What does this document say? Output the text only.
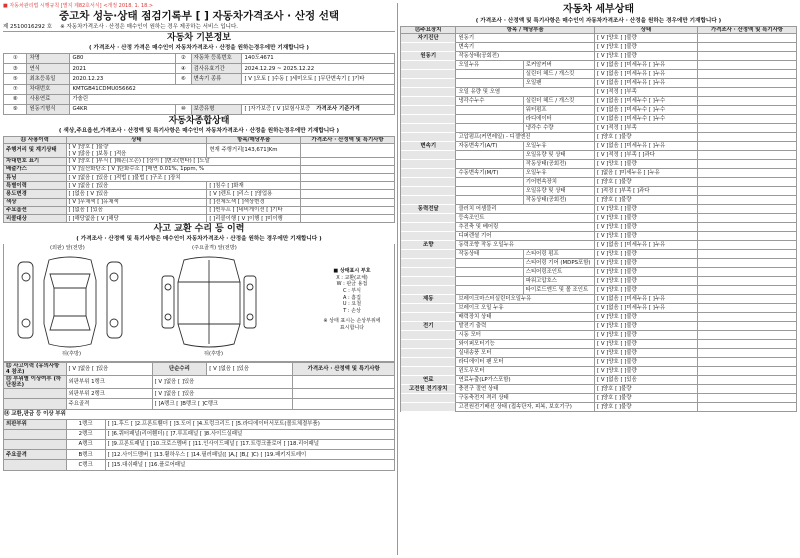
■ 자동차관리법 시행규칙 [별지 제82호서식] <개정 2018. 1. 18.>
중고차 성능·상태 점검기록부 [ ] 자동차가격조사 · 산정 선택
제 2510016292 호 ※ 자동차가격조사 · 산정은 매수인이 원하는 경우 제공하는 서비스 입니다.
자동차 기본정보
( 가격조사 · 산정 가격은 매수인이 자동차가격조사 · 산정을 원하는경우에만 기재합니다 )
①	차명	G80	②	자동차 등록번호	140도4671
③	연식	2021	④	검사유효기간	2024.12.29 ~ 2025.12.22
⑤	최초등록일	2020.12.23	⑥	변속기 종류	[ V ]오토 [ ]수동 [ ]세미오토 [ ]무단변속기 [ ]기타
⑦	차대번호	KMTGB41CDMU056662			
⑧	사용연료	가솔린			
⑨	원동기형식	G4KR	⑩	보증유형	[ ]자가보증 [ V ]보험사보증 가격조사 기준가격
자동차종합상태
( 색상,주요옵션,가격조사 · 산정액 및 특기사항은 매수인이 자동차가격조사 · 산정을 원하는경우에만 기재합니다 )
⑪ 사용이력	상태	항목/해당부품	가격조사 · 산정액 및 특기사항
주행거리 및 계기상태	[ V ]양호 [ ]불량
[ V ]많음 [ ]보통 [ ]적음	현재 주행거리[143,671]Km	
차대번호 표기	[ V ]양호 [ ]부식 [ ]훼손(오손) [ ]상이 [ ]변조(변타) [ ]도말		
배출가스	[ V ]일산화탄소 [ V ]탄화수소 [ ]매연 0.01%, 1ppm, %		
튜닝	[ V ]없음 [ ]있음 [ ]적법 [ ]불법 [ ]구조 [ ]장치		
특별이력	[ V ]없음 [ ]있음	[ ]침수 [ ]화재	
용도변경	[ ]없음 [ V ]있음	[ V ]렌트 [ ]리스 [ ]영업용	
색상	[ V ]무채색 [ ]유채색	[ ]전체도색 [ ]색상변경	
주요옵션	[ ]없음 [ ]있음	[ ]썬루프 [ ]네비게이션 [ ]기타	
리콜대상	[ ]해당없음 [ V ]해당	[ ]리콜이행 [ V ]이행 [ ]미이행	
사고 교환 수리 등 이력
( 가격조사 · 산정액 및 특기사항은 매수인이 자동차가격조사 · 산정을 원하는 경우에만 기재합니다 )
(외판) 앞(전방)	(주요골격) 앞(전방)
뒤(후방)	뒤(후방)
■ 상태표시 부호
X : 교환(교체)
W : 판금 용접
C : 부식
A : 흠집
U : 요철
T : 손상
※ 상태 표시는 손상부위에 표시합니다
⑫ 사고이력 (유의사항 4 참조)	[ V ]없음 [ ]있음	단순수리	[ V ]없음 [ ]있음	가격조사 · 산정액 및 특기사항
⑬ 부위별 이상여부 (하단참조)	외판부위 1랭크	[ V ]없음 [ ]있음		
	외판부위 2랭크	[ V ]없음 [ ]있음		
	주요골격	[ ]A랭크 [ ]B랭크 [ ]C랭크		
⑭ 교환,판금 등 이상 부위
외판부위	1랭크	[ ]1.후드 [ ]2.프론트휀더 [ ]3.도어 [ ]4.트렁크리드 [ ]5.라디에이터서포트(볼트체결부품)
	2랭크	[ ]6.쿼터패널(리어휀더) [ ]7.루프패널 [ ]8.사이드실패널
	A랭크	[ ]9.프론트패널 [ ]10.크로스멤버 [ ]11.인사이드패널 [ ]17.트렁크플로어 [ ]18.리어패널
주요골격	B랭크	[ ]12.사이드멤버 [ ]13.휠하우스 [ ]14.필러패널([ ]A,[ ]B,[ ]C) [ ]19.패키지트레이
	C랭크	[ ]15.대쉬패널 [ ]16.플로어패널
자동차 세부상태
( 가격조사 · 산정액 및 특기사항은 매수인이 자동차가격조사 · 산정을 원하는 경우에만 기재합니다 )
⑮주요장치	항목 / 해당부품		상태	가격조사 · 산정액 및 특기사항
자기진단	원동기		[ V ]양호 [ ]불량	
	변속기		[ V ]양호 [ ]불량	
원동기	작동상태(공회전)		[ V ]양호 [ ]불량	
	오일누유	로커암커버	[ V ]없음 [ ]미세누유 [ ]누유	
		실린더 헤드 / 개스킷	[ V ]없음 [ ]미세누유 [ ]누유	
		오일팬	[ V ]없음 [ ]미세누유 [ ]누유	
	오일 유량 및 오염		[ V ]적정 [ ]부족	
	냉각수누수	실린더 헤드 / 개스킷	[ V ]없음 [ ]미세누수 [ ]누수	
		워터펌프	[ V ]없음 [ ]미세누수 [ ]누수	
		라디에이터	[ V ]없음 [ ]미세누수 [ ]누수	
		냉각수 수량	[ V ]적정 [ ]부족	
	고압펌프(커먼레일) - 디젤엔진		[ ]양호 [ ]불량	
변속기	자동변속기(A/T)	오일누유	[ V ]없음 [ ]미세누유 [ ]누유	
		오일유량 및 상태	[ V ]적정 [ ]부족 [ ]과다	
		작동상태(공회전)	[ V ]양호 [ ]불량	
	수동변속기(M/T)	오일누유	[ ]없음 [ ]미세누유 [ ]누유	
		기어변속장치	[ ]양호 [ ]불량	
		오일유량 및 상태	[ ]적정 [ ]부족 [ ]과다	
		작동상태(공회전)	[ ]양호 [ ]불량	
동력전달	클러치 어셈블리		[ V ]양호 [ ]불량	
	등속조인트		[ V ]양호 [ ]불량	
	추진축 및 베어링		[ V ]양호 [ ]불량	
	디퍼렌셜 기어		[ V ]양호 [ ]불량	
조향	동력조향 작동 오일누유		[ V ]없음 [ ]미세누유 [ ]누유	
	작동상태	스티어링 펌프	[ V ]양호 [ ]불량	
		스티어링 기어 (MDPS포함)	[ V ]양호 [ ]불량	
		스티어링조인트	[ V ]양호 [ ]불량	
		파워고압호스	[ V ]양호 [ ]불량	
		타이로드엔드 및 볼 조인트	[ V ]양호 [ ]불량	
제동	브레이크마스터실린더오일누유		[ V ]없음 [ ]미세누유 [ ]누유	
	브레이크 오일 누유		[ V ]없음 [ ]미세누유 [ ]누유	
	배력장치 상태		[ V ]양호 [ ]불량	
전기	발전기 출력		[ V ]양호 [ ]불량	
	시동 모터		[ V ]양호 [ ]불량	
	와이퍼모터기능		[ V ]양호 [ ]불량	
	실내송풍 모터		[ V ]양호 [ ]불량	
	라디에이터 팬 모터		[ V ]양호 [ ]불량	
	윈도우모터		[ V ]양호 [ ]불량	
연료	연료누출(LP가스포함)		[ V ]없음 [ ]있음	
고전원 전기장치	충전구 절연 상태		[ ]양호 [ ]불량	
	구동축전지 격리 상태		[ ]양호 [ ]불량	
	고전원전기배선 상태 (접속단자, 피복, 보호기구)		[ ]양호 [ ]불량	
